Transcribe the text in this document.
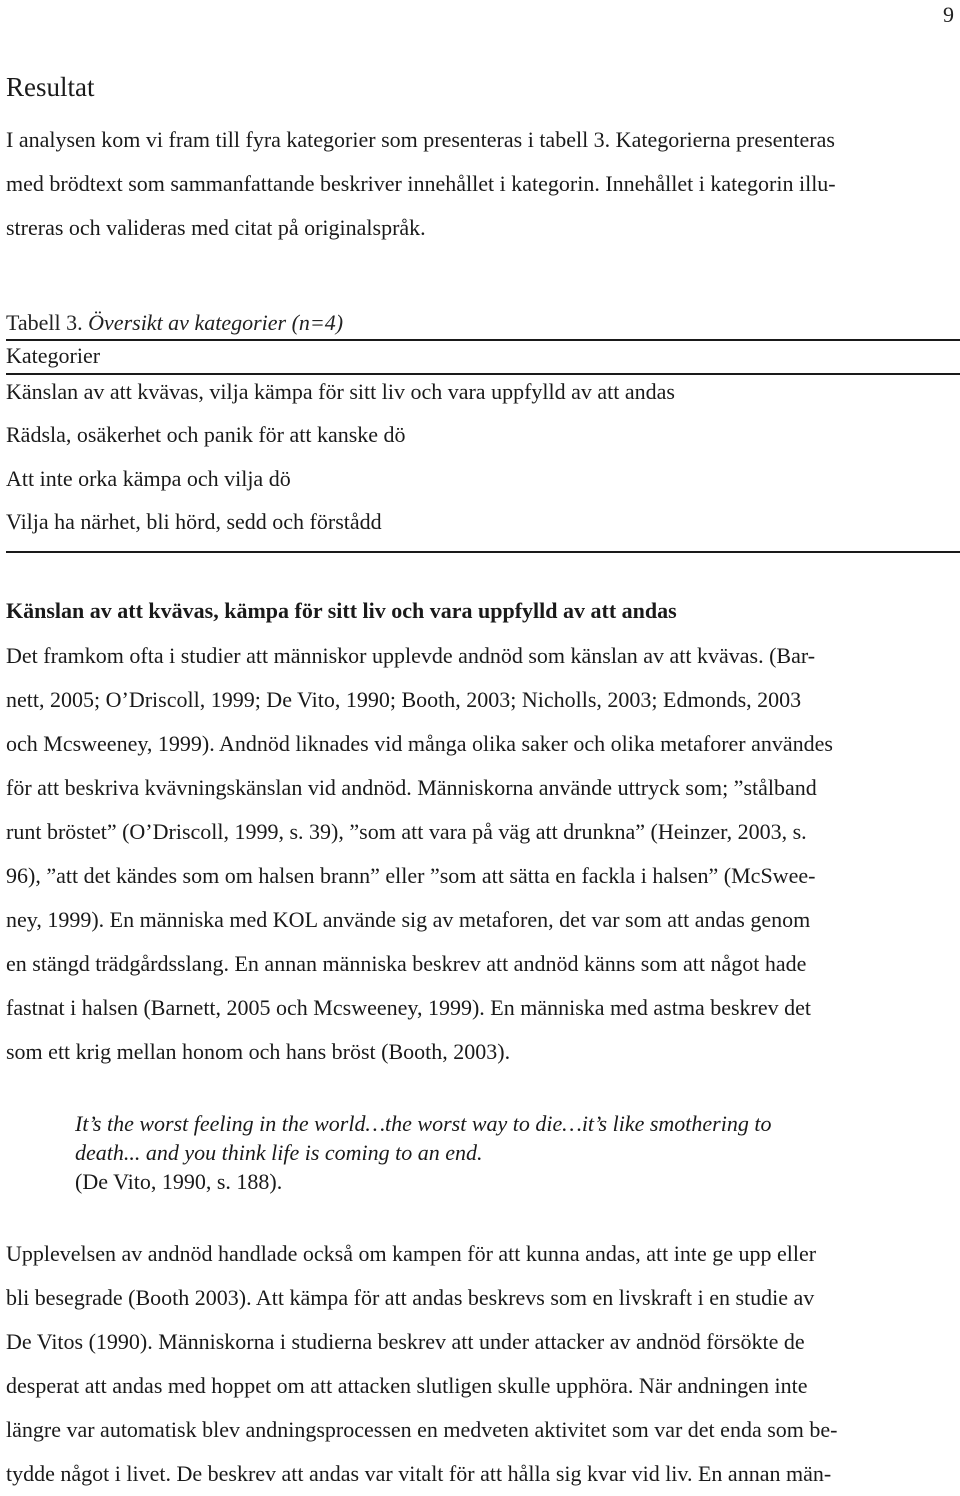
9
Resultat

I analysen kom vi fram till fyra kategorier som presenteras i tabell 3. Kategorierna presenteras
med brödtext som sammanfattande beskriver innehållet i kategorin. Innehållet i kategorin illu-
streras och valideras med citat på originalspråk.

Tabell 3. Översikt av kategorier (n=4)
Kategorier
Känslan av att kvävas, vilja kämpa för sitt liv och vara uppfylld av att andas
Rädsla, osäkerhet och panik för att kanske dö
Att inte orka kämpa och vilja dö
Vilja ha närhet, bli hörd, sedd och förstådd
Känslan av att kvävas, kämpa för sitt liv och vara uppfylld av att andas

Det framkom ofta i studier att människor upplevde andnöd som känslan av att kvävas. (Bar-
nett, 2005; O’Driscoll, 1999; De Vito, 1990; Booth, 2003; Nicholls, 2003; Edmonds, 2003
och Mcsweeney, 1999). Andnöd liknades vid många olika saker och olika metaforer användes
för att beskriva kvävningskänslan vid andnöd. Människorna använde uttryck som; ”stålband
runt bröstet” (O’Driscoll, 1999, s. 39), ”som att vara på väg att drunkna” (Heinzer, 2003, s.
96), ”att det kändes som om halsen brann” eller ”som att sätta en fackla i halsen” (McSwee-
ney, 1999). En människa med KOL använde sig av metaforen, det var som att andas genom
en stängd trädgårdsslang. En annan människa beskrev att andnöd känns som att något hade
fastnat i halsen (Barnett, 2005 och Mcsweeney, 1999). En människa med astma beskrev det
som ett krig mellan honom och hans bröst (Booth, 2003).

It’s the worst feeling in the world…the worst way to die…it’s like smothering to
death... and you think life is coming to an end.
(De Vito, 1990, s. 188).

Upplevelsen av andnöd handlade också om kampen för att kunna andas, att inte ge upp eller
bli besegrade (Booth 2003). Att kämpa för att andas beskrevs som en livskraft i en studie av
De Vitos (1990). Människorna i studierna beskrev att under attacker av andnöd försökte de
desperat att andas med hoppet om att attacken slutligen skulle upphöra. När andningen inte
längre var automatisk blev andningsprocessen en medveten aktivitet som var det enda som be-
tydde något i livet. De beskrev att andas var vitalt för att hålla sig kvar vid liv. En annan män-
